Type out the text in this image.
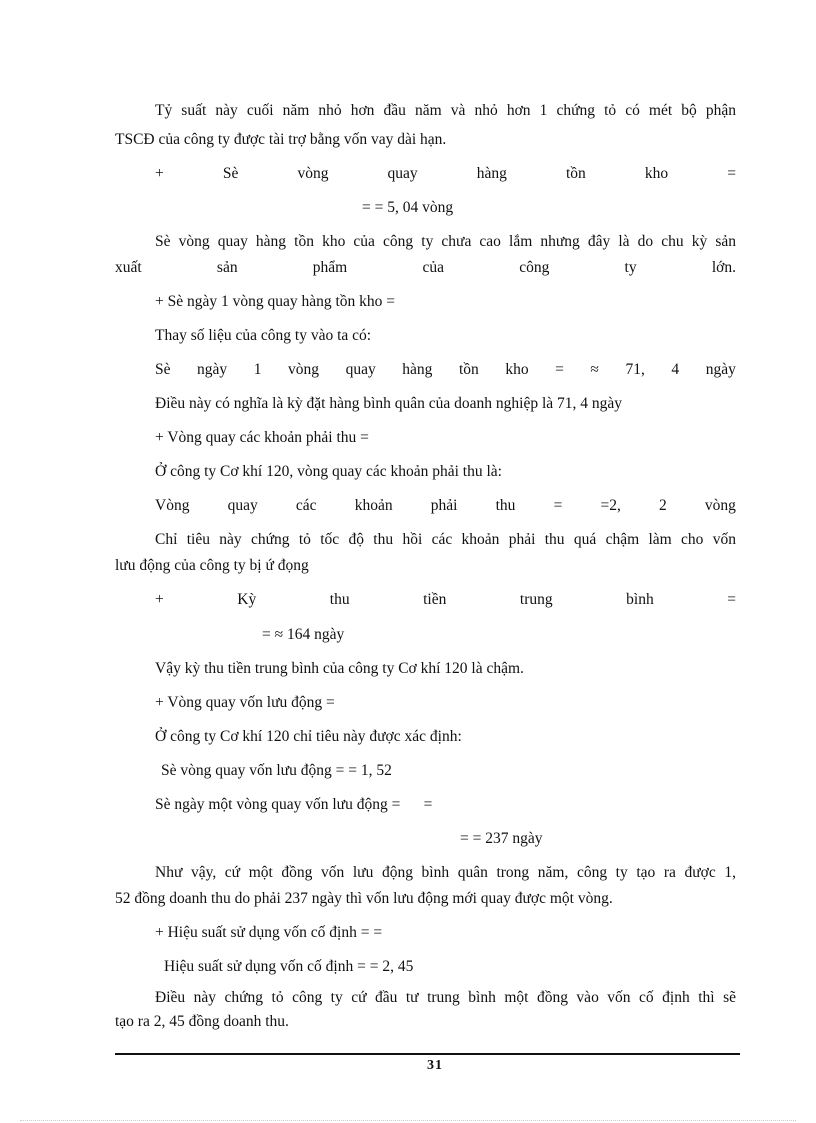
Tỷ suất này cuối năm nhỏ hơn đầu năm và nhỏ hơn 1 chứng tỏ có mét bộ phận
TSCĐ của công ty được tài trợ bằng vốn vay dài hạn.
+	Sè	vòng	quay	hàng	tồn	kho	=
= = 5, 04 vòng
Sè vòng quay hàng tồn kho của công ty chưa cao lắm nhưng đây là do chu kỳ sản
xuất	sản	phẩm	của	công	ty	lớn.
+ Sè ngày 1 vòng quay hàng tồn kho =
Thay số liệu của công ty vào ta có:
Sè ngày 1 vòng quay hàng tồn kho = ≈ 71, 4 ngày
Điều này có nghĩa là kỳ đặt hàng bình quân của doanh nghiệp là 71, 4 ngày
+ Vòng quay các khoản phải thu =
Ở công ty Cơ khí 120, vòng quay các khoản phải thu là:
Vòng quay các khoản phải thu = =2, 2 vòng
Chỉ tiêu này chứng tỏ tốc độ thu hồi các khoản phải thu quá chậm làm cho vốn
lưu động của công ty bị ứ đọng
+	Kỳ	thu	tiền	trung	bình	=
= ≈ 164 ngày
Vậy kỳ thu tiền trung bình của công ty Cơ khí 120 là chậm.
+ Vòng quay vốn lưu động =
Ở công ty Cơ khí 120 chỉ tiêu này được xác định:
Sè vòng quay vốn lưu động = = 1, 52
Sè ngày một vòng quay vốn lưu động =      =
= = 237 ngày
Như vậy, cứ một đồng vốn lưu động bình quân trong năm, công ty tạo ra được 1,
52 đồng doanh thu do phải 237 ngày thì vốn lưu động mới quay được một vòng.
+ Hiệu suất sử dụng vốn cố định = =
Hiệu suất sử dụng vốn cố định = = 2, 45
Điều này chứng tỏ công ty cứ đầu tư trung bình một đồng vào vốn cố định thì sẽ
tạo ra 2, 45 đồng doanh thu.
31
